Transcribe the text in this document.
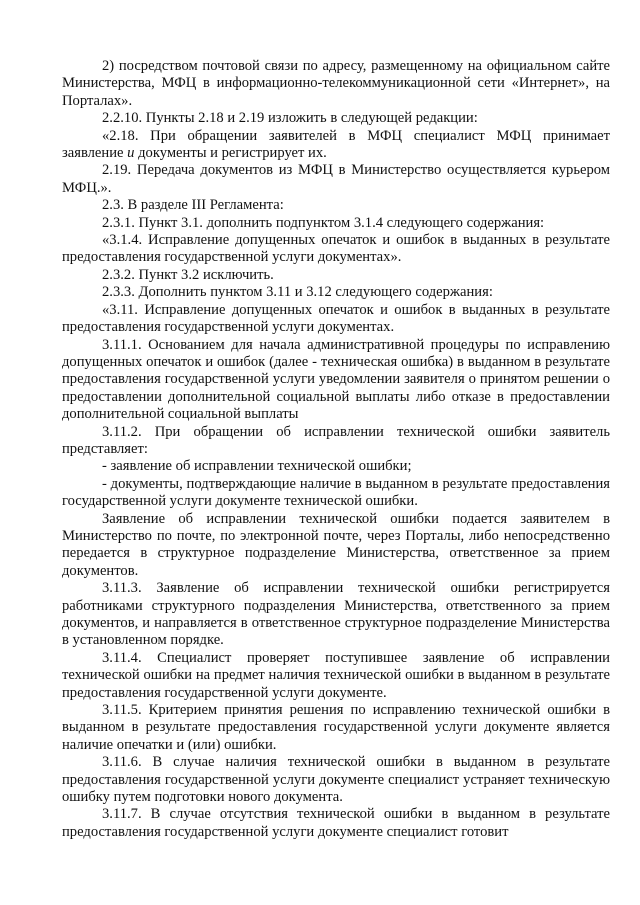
2) посредством почтовой связи по адресу, размещенному на официальном сайте Министерства, МФЦ в информационно-телекоммуникационной сети «Интернет», на Порталах».

2.2.10. Пункты 2.18 и 2.19 изложить в следующей редакции:

«2.18. При обращении заявителей в МФЦ специалист МФЦ принимает заявление и документы и регистрирует их.

2.19. Передача документов из МФЦ в Министерство осуществляется курьером МФЦ.».

2.3. В разделе III Регламента:

2.3.1. Пункт 3.1. дополнить подпунктом 3.1.4 следующего содержания:

«3.1.4. Исправление допущенных опечаток и ошибок в выданных в результате предоставления государственной услуги документах».

2.3.2. Пункт 3.2 исключить.

2.3.3. Дополнить пунктом 3.11 и 3.12 следующего содержания:

«3.11. Исправление допущенных опечаток и ошибок в выданных в результате предоставления государственной услуги документах.

3.11.1. Основанием для начала административной процедуры по исправлению допущенных опечаток и ошибок (далее - техническая ошибка) в выданном в результате предоставления государственной услуги уведомлении заявителя о принятом решении о предоставлении дополнительной социальной выплаты либо отказе в предоставлении дополнительной социальной выплаты

3.11.2. При обращении об исправлении технической ошибки заявитель представляет:

- заявление об исправлении технической ошибки;

- документы, подтверждающие наличие в выданном в результате предоставления государственной услуги документе технической ошибки.

Заявление об исправлении технической ошибки подается заявителем в Министерство по почте, по электронной почте, через Порталы, либо непосредственно передается в структурное подразделение Министерства, ответственное за прием документов.

3.11.3. Заявление об исправлении технической ошибки регистрируется работниками структурного подразделения Министерства, ответственного за прием документов, и направляется в ответственное структурное подразделение Министерства в установленном порядке.

3.11.4. Специалист проверяет поступившее заявление об исправлении технической ошибки на предмет наличия технической ошибки в выданном в результате предоставления государственной услуги документе.

3.11.5. Критерием принятия решения по исправлению технической ошибки в выданном в результате предоставления государственной услуги документе является наличие опечатки и (или) ошибки.

3.11.6. В случае наличия технической ошибки в выданном в результате предоставления государственной услуги документе специалист устраняет техническую ошибку путем подготовки нового документа.

3.11.7. В случае отсутствия технической ошибки в выданном в результате предоставления государственной услуги документе специалист готовит
